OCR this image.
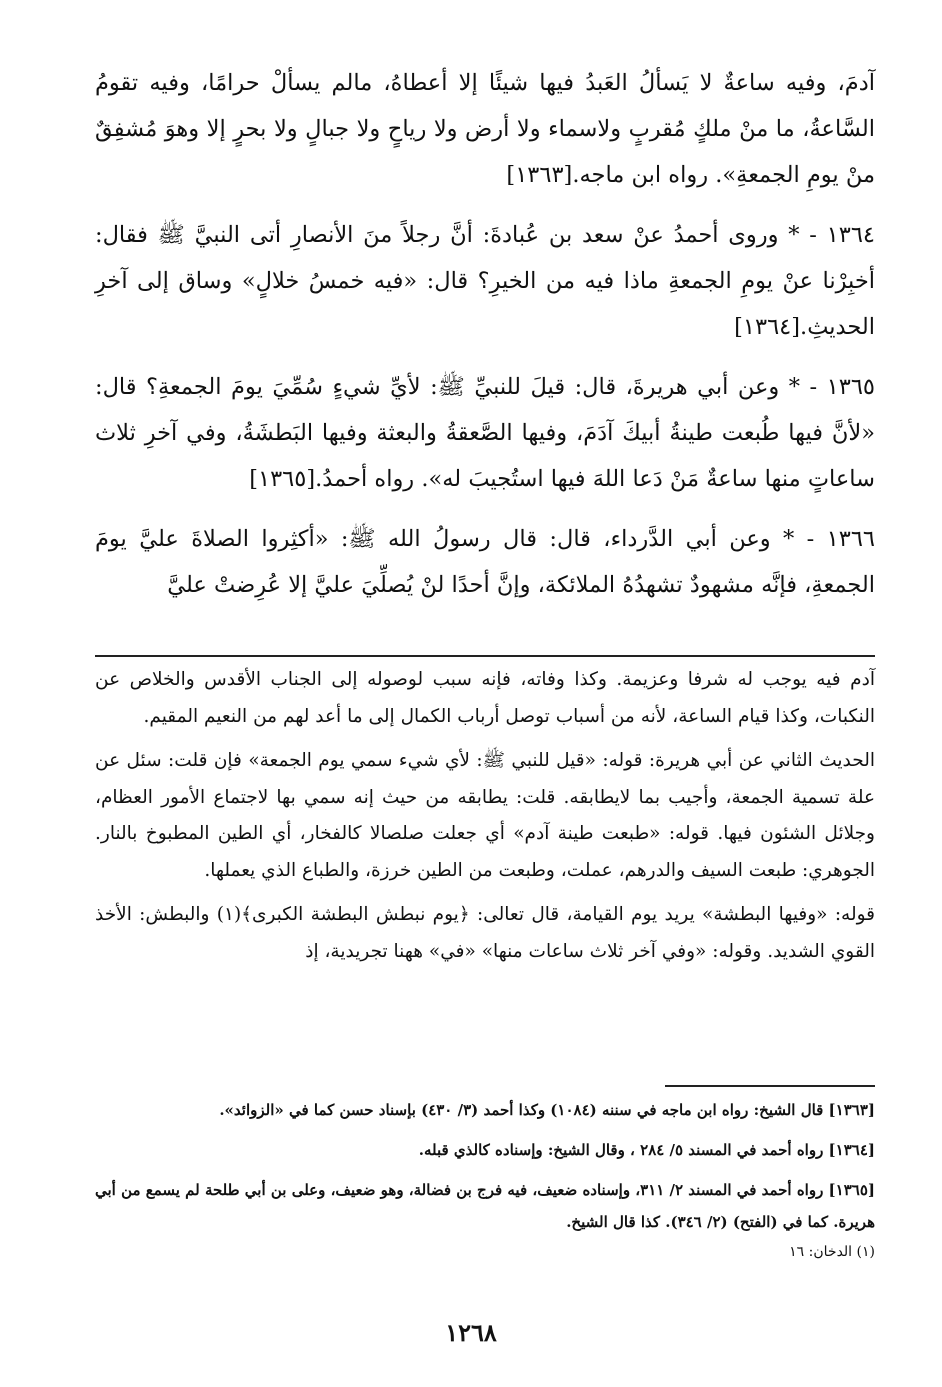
آدمَ، وفيه ساعةٌ لا يَسألُ العَبدُ فيها شيئًا إلا أعطاهُ، مالم يسألْ حرامًا، وفيه تقومُ السَّاعةُ، ما منْ ملكٍ مُقربٍ ولاسماء ولا أرض ولا رياحٍ ولا جبالٍ ولا بحرٍ إلا وهوَ مُشفِقٌ منْ يومِ الجمعةِ». رواه ابن ماجه.[١٣٦٣]

١٣٦٤ - * وروى أحمدُ عنْ سعد بن عُبادةَ: أنَّ رجلاً منَ الأنصارِ أتى النبيَّ ﷺ فقال: أخبِرْنا عنْ يومِ الجمعةِ ماذا فيه من الخيرِ؟ قال: «فيه خمسُ خلالٍ» وساق إلى آخرِ الحديثِ.[١٣٦٤]

١٣٦٥ - * وعن أبي هريرةَ، قال: قيلَ للنبيِّ ﷺ: لأيِّ شيءٍ سُمِّيَ يومَ الجمعةِ؟ قال: «لأنَّ فيها طُبعت طينةُ أبيكَ آدَمَ، وفيها الصَّعقةُ والبعثة وفيها البَطشَةُ، وفي آخرِ ثلاث ساعاتٍ منها ساعةٌ مَنْ دَعا اللهَ فيها استُجيبَ له». رواه أحمدُ.[١٣٦٥]

١٣٦٦ - * وعن أبي الدَّرداء، قال: قال رسولُ الله ﷺ: «أكثِروا الصلاةَ عليَّ يومَ الجمعةِ، فإنَّه مشهودٌ تشهدُهُ الملائكة، وإنَّ أحدًا لنْ يُصلِّيَ عليَّ إلا عُرِضتْ عليَّ

آدم فيه يوجب له شرفا وعزيمة. وكذا وفاته، فإنه سبب لوصوله إلى الجناب الأقدس والخلاص عن النكبات، وكذا قيام الساعة، لأنه من أسباب توصل أرباب الكمال إلى ما أعد لهم من النعيم المقيم.

الحديث الثاني عن أبي هريرة: قوله: «قيل للنبي ﷺ: لأي شيء سمي يوم الجمعة» فإن قلت: سئل عن علة تسمية الجمعة، وأجيب بما لايطابقه. قلت: يطابقه من حيث إنه سمي بها لاجتماع الأمور العظام، وجلائل الشئون فيها. قوله: «طبعت طينة آدم» أي جعلت صلصالا كالفخار، أي الطين المطبوخ بالنار. الجوهري: طبعت السيف والدرهم، عملت، وطبعت من الطين خرزة، والطباع الذي يعملها.

قوله: «وفيها البطشة» يريد يوم القيامة، قال تعالى: ﴿يوم نبطش البطشة الكبرى﴾(١) والبطش: الأخذ القوي الشديد. وقوله: «وفي آخر ثلاث ساعات منها» «في» ههنا تجريدية، إذ

[١٣٦٣] قال الشيخ: رواه ابن ماجه في سننه (١٠٨٤) وكذا أحمد (٣/ ٤٣٠) بإسناد حسن كما في «الزوائد».

[١٣٦٤] رواه أحمد في المسند ٥/ ٢٨٤ ، وقال الشيخ: وإسناده كالذي قبله.

[١٣٦٥] رواه أحمد في المسند ٢/ ٣١١، وإسناده ضعيف، فيه فرج بن فضالة، وهو ضعيف، وعلى بن أبي طلحة لم يسمع من أبي هريرة. كما في (الفتح) (٢/ ٣٤٦). كذا قال الشيخ.

(١) الدخان: ١٦

١٢٦٨
